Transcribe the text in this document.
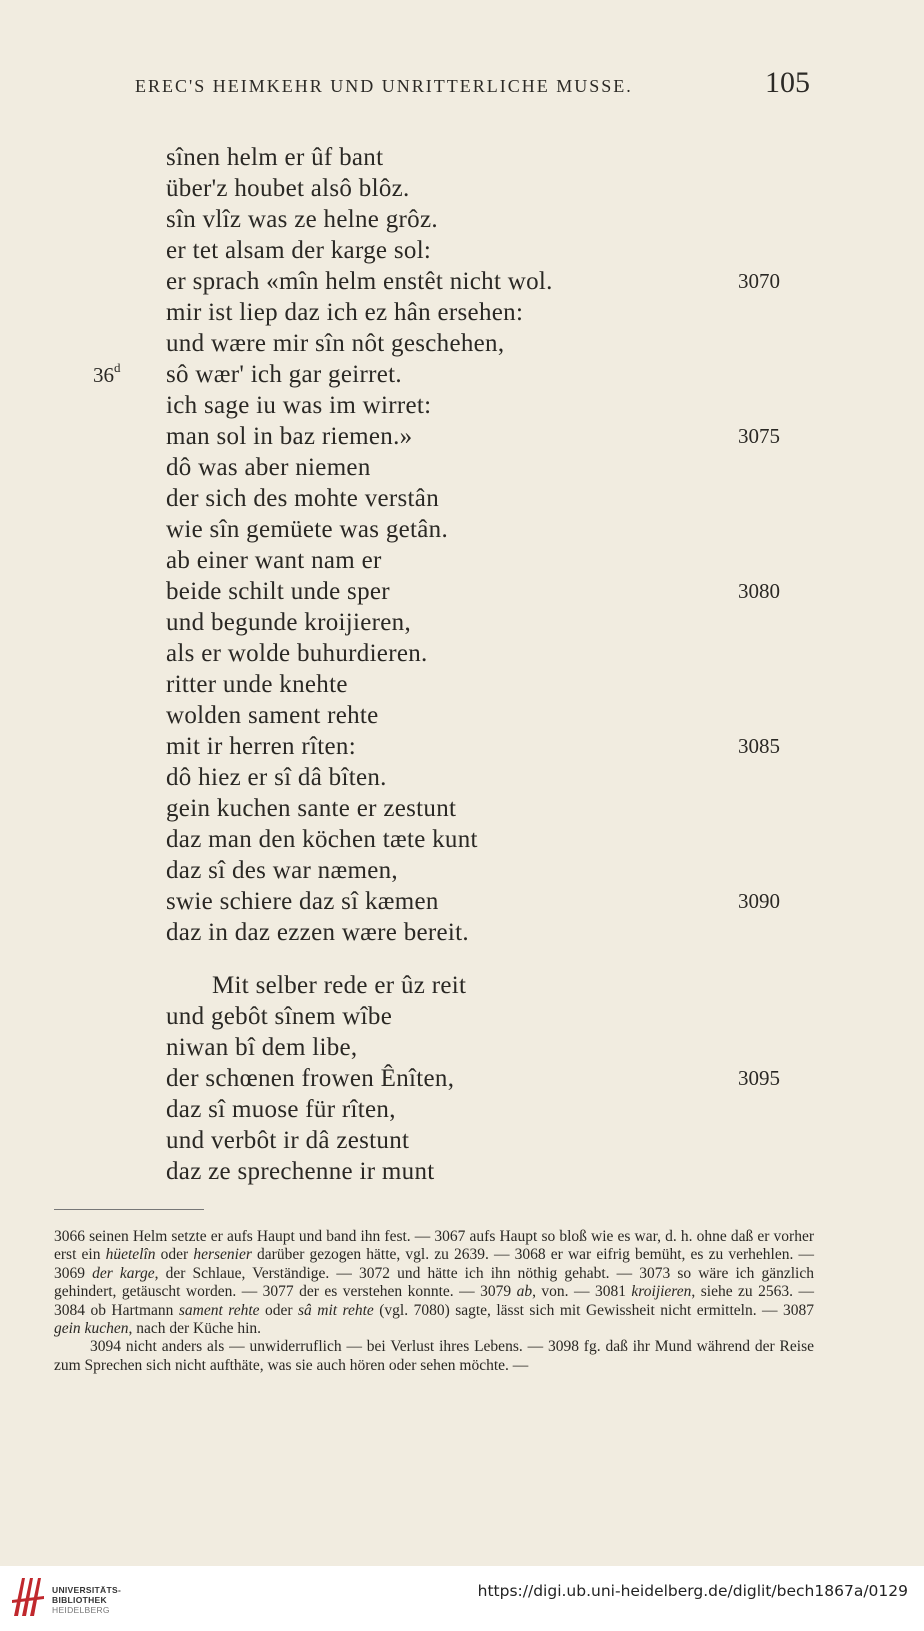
EREC'S HEIMKEHR UND UNRITTERLICHE MUSSE.	105
36$^d$
sînen helm er ûf bant
über'z houbet alsô blôz.
sîn vlîz was ze helne grôz.
er tet alsam der karge sol:
er sprach «mîn helm enstêt nicht wol.
mir ist liep daz ich ez hân ersehen:
und wære mir sîn nôt geschehen,
sô wær' ich gar geirret.
ich sage iu was im wirret:
man sol in baz riemen.»
dô was aber niemen
der sich des mohte verstân
wie sîn gemüete was getân.
ab einer want nam er
beide schilt unde sper
und begunde kroijieren,
als er wolde buhurdieren.
ritter unde knehte
wolden sament rehte
mit ir herren rîten:
dô hiez er sî dâ bîten.
gein kuchen sante er zestunt
daz man den köchen tæte kunt
daz sî des war næmen,
swie schiere daz sî kæmen
daz in daz ezzen wære bereit.
Mit selber rede er ûz reit
und gebôt sînem wîbe
niwan bî dem libe,
der schœnen frowen Ênîten,
daz sî muose für rîten,
und verbôt ir dâ zestunt
daz ze sprechenne ir munt
3070
3075
3080
3085
3090
3095

3066 seinen Helm setzte er aufs Haupt und band ihn fest. — 3067 aufs Haupt so bloß wie es war, d. h. ohne daß er vorher erst ein hüetelîn oder hersenier darüber gezogen hätte, vgl. zu 2639. — 3068 er war eifrig bemüht, es zu verhehlen. — 3069 der karge, der Schlaue, Verständige. — 3072 und hätte ich ihn nöthig gehabt. — 3073 so wäre ich gänzlich gehindert, getäuscht worden. — 3077 der es verstehen konnte. — 3079 ab, von. — 3081 kroijieren, siehe zu 2563. — 3084 ob Hartmann sament rehte oder sâ mit rehte (vgl. 7080) sagte, lässt sich mit Gewissheit nicht ermitteln. — 3087 gein kuchen, nach der Küche hin.

3094 nicht anders als — unwiderruflich — bei Verlust ihres Lebens. — 3098 fg. daß ihr Mund während der Reise zum Sprechen sich nicht aufthäte, was sie auch hören oder sehen möchte. —

UNIVERSITÄTS-
BIBLIOTHEK
HEIDELBERG
https://digi.ub.uni-heidelberg.de/diglit/bech1867a/0129
